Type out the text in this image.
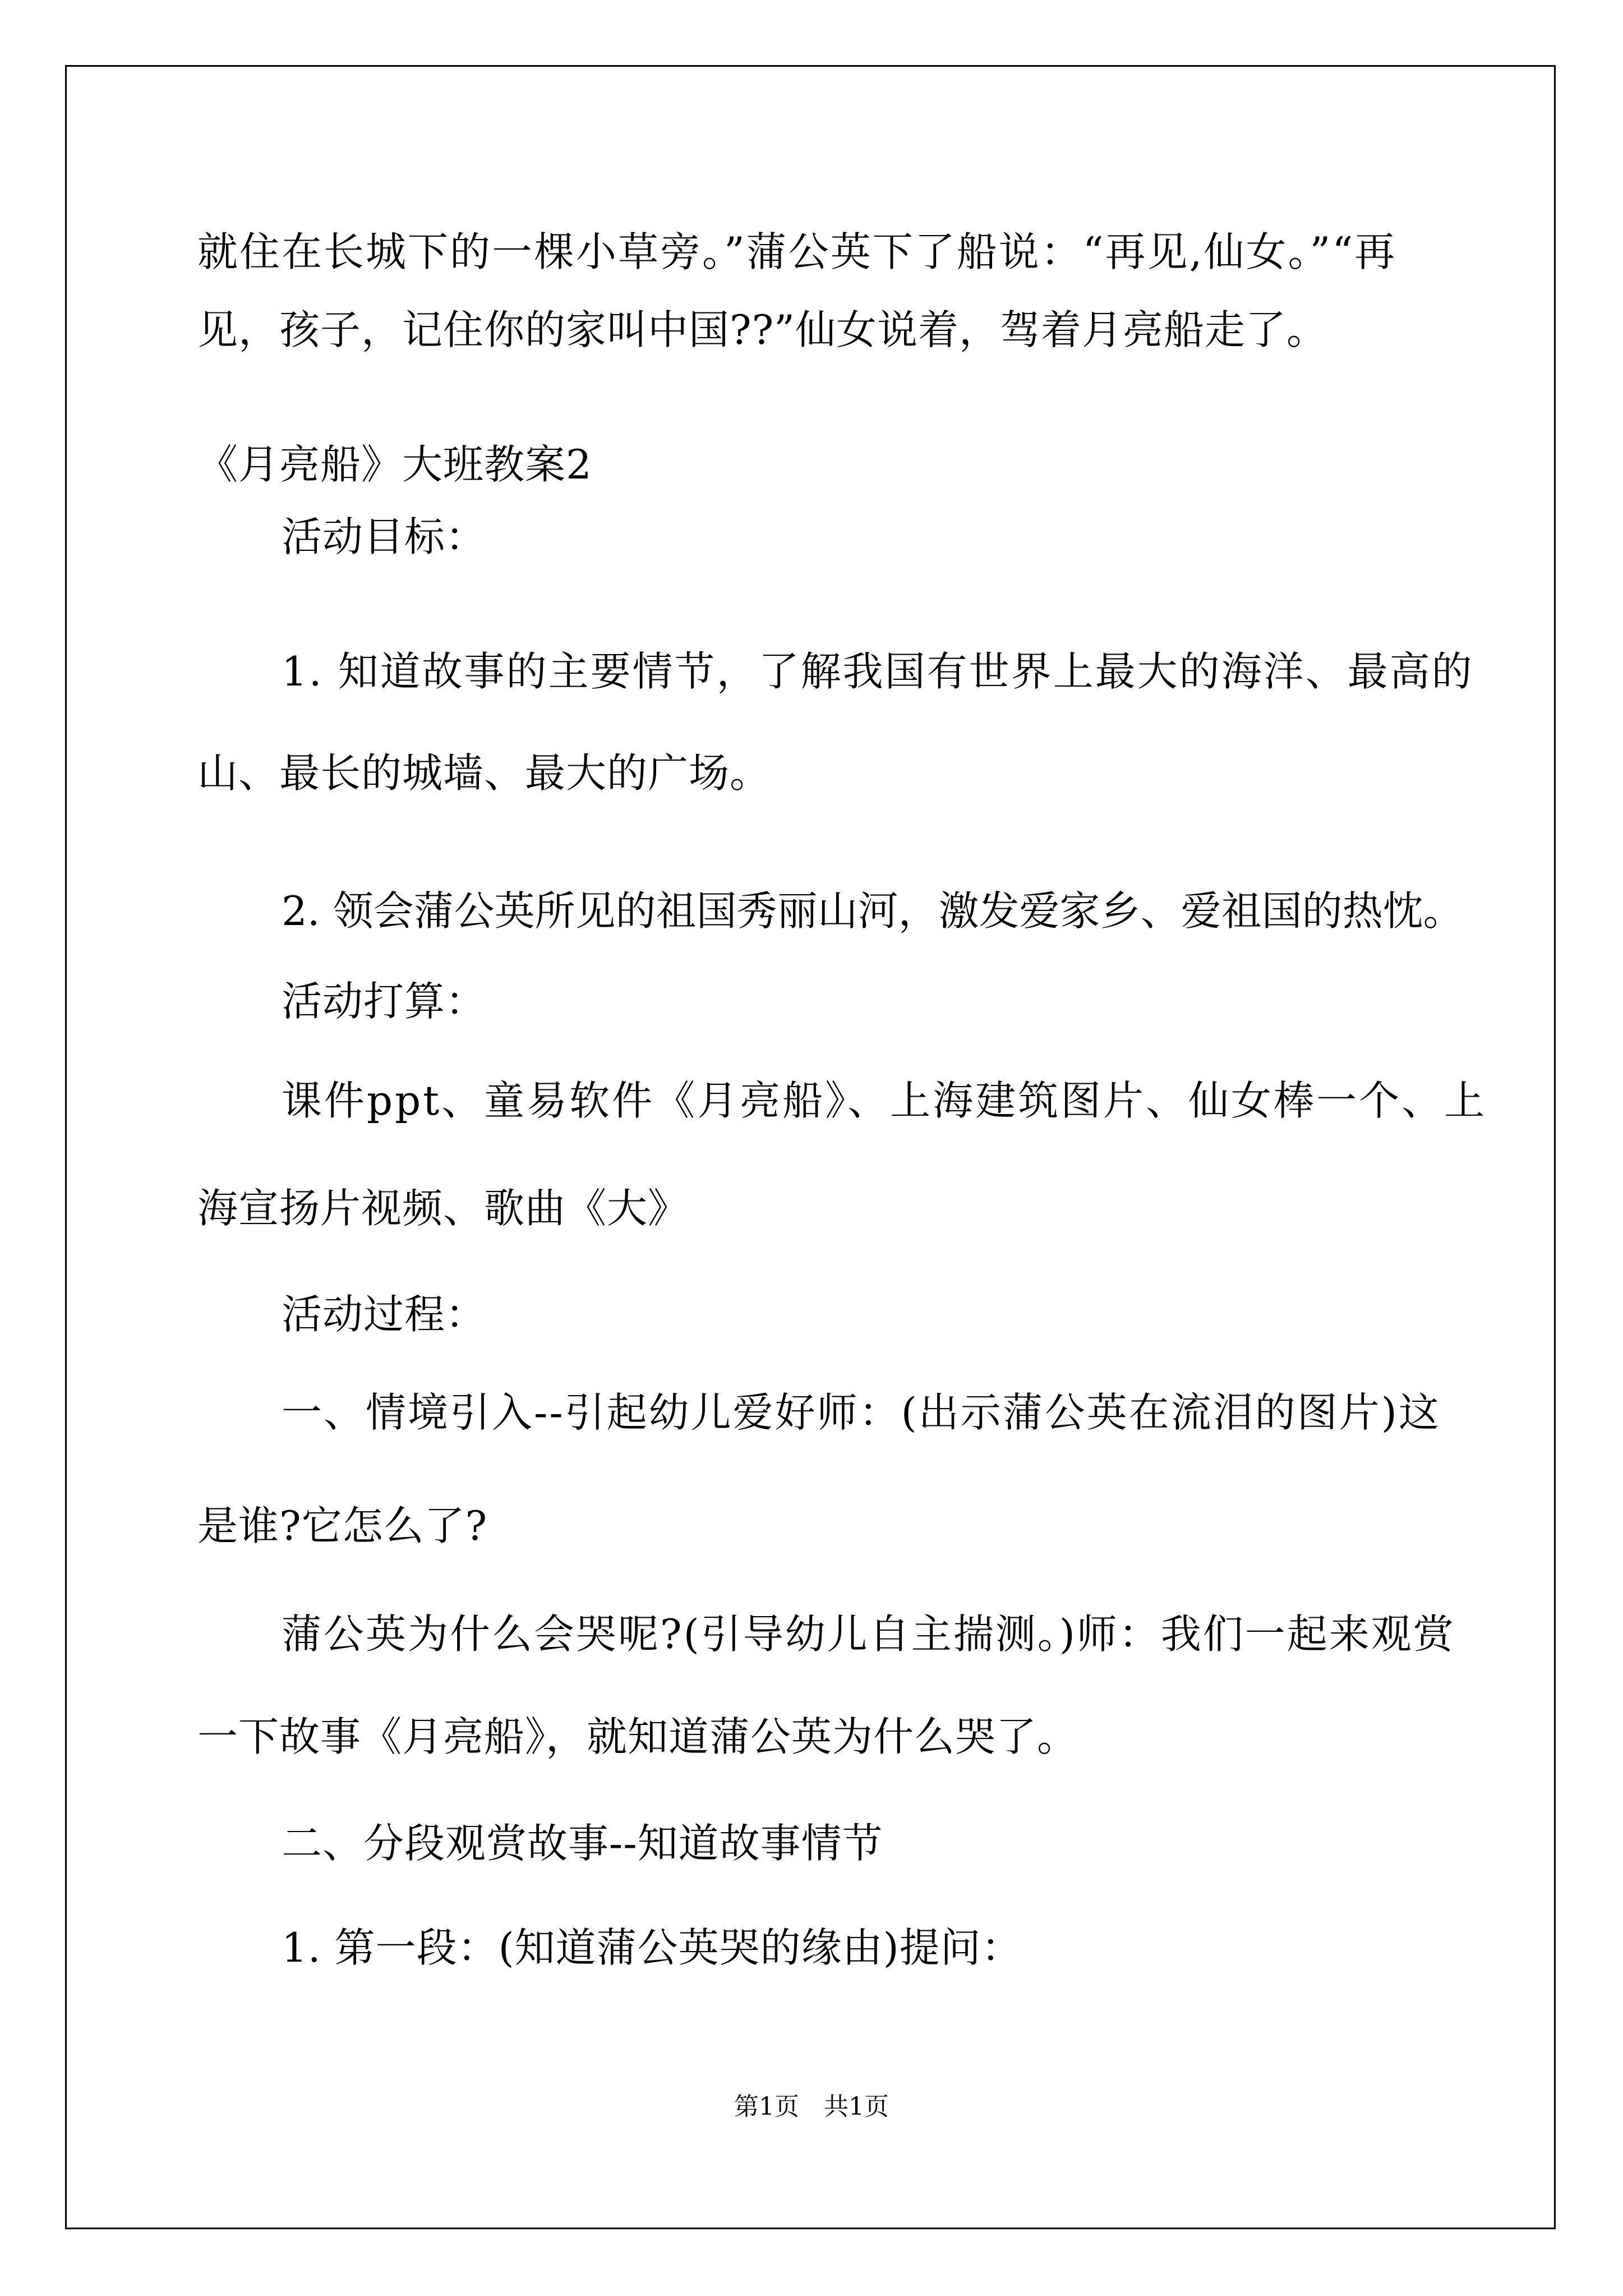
就住在长城下的一棵小草旁。”蒲公英下了船说：“再见,仙女。”“再

见，孩子，记住你的家叫中国??”仙女说着，驾着月亮船走了。

《月亮船》大班教案2

活动目标：

1. 知道故事的主要情节，了解我国有世界上最大的海洋、最高的

山、最长的城墙、最大的广场。

2. 领会蒲公英所见的祖国秀丽山河，激发爱家乡、爱祖国的热忱。

活动打算：

课件ppt、童易软件《月亮船》、上海建筑图片、仙女棒一个、上

海宣扬片视频、歌曲《大》

活动过程：

一、情境引入--引起幼儿爱好师：(出示蒲公英在流泪的图片)这

是谁?它怎么了?

蒲公英为什么会哭呢?(引导幼儿自主揣测。)师：我们一起来观赏

一下故事《月亮船》，就知道蒲公英为什么哭了。

二、分段观赏故事--知道故事情节

1. 第一段：(知道蒲公英哭的缘由)提问：

第1页 共1页
